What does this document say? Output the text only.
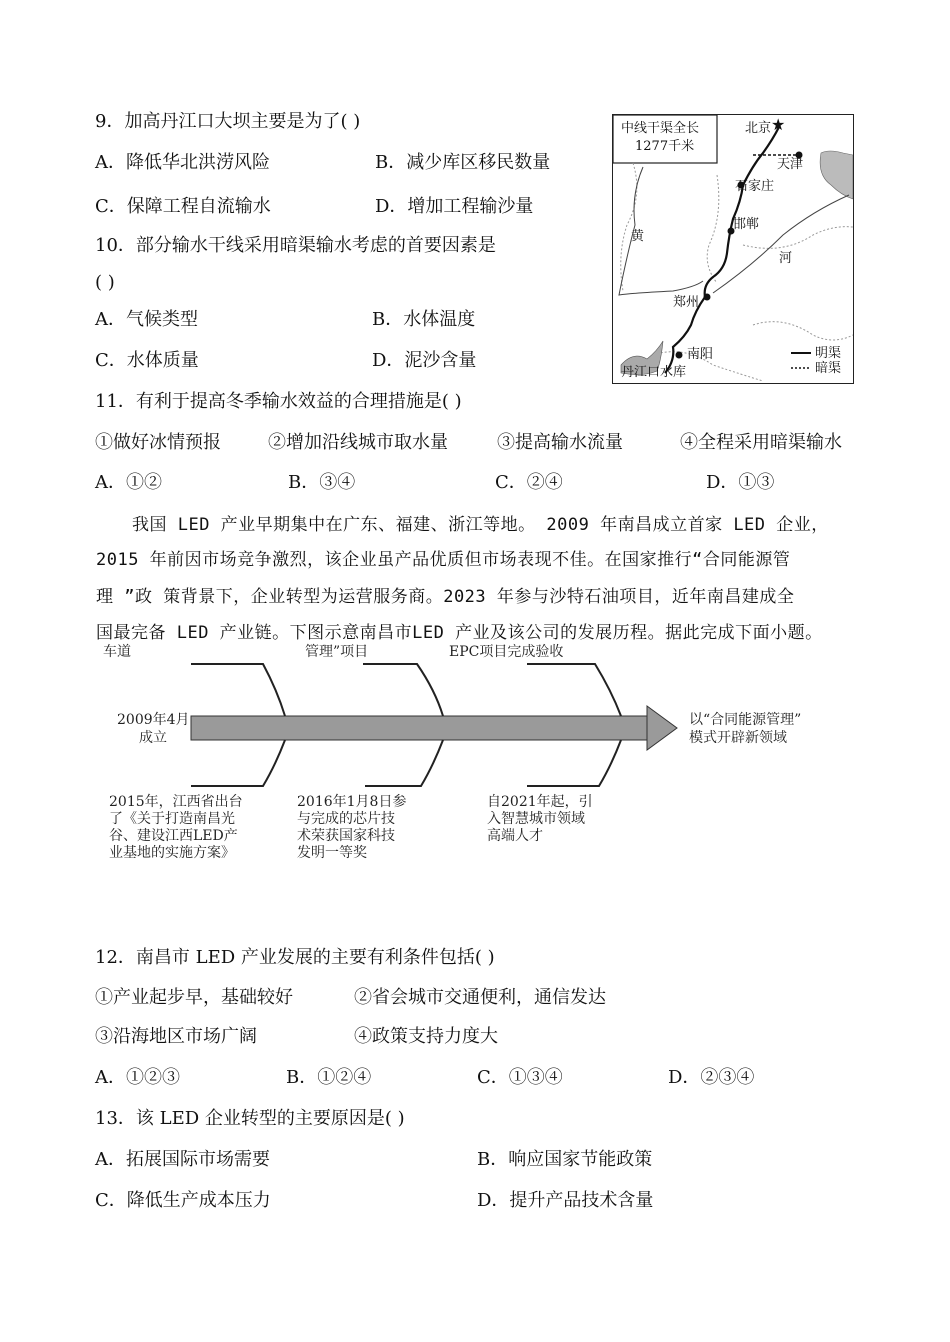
9．加高丹江口大坝主要是为了( )
A．降低华北洪涝风险	B．减少库区移民数量
C．保障工程自流输水	D．增加工程输沙量
10．部分输水干线采用暗渠输水考虑的首要因素是
( )
A．气候类型	B．水体温度
C．水体质量	D．泥沙含量
中线干渠全长
1277千米
北京 ★
天津
石家庄
邯郸
黄
河
郑州
南阳
丹江口水库
明渠
暗渠
11．有利于提高冬季输水效益的合理措施是( )
①做好冰情预报	②增加沿线城市取水量	③提高输水流量	④全程采用暗渠输水
A．①②	B．③④	C．②④	D．①③
我国 LED 产业早期集中在广东、福建、浙江等地。 2009 年南昌成立首家 LED 企业，
2015 年前因市场竞争激烈，该企业虽产品优质但市场表现不佳。在国家推行“合同能源管
理 ”政 策背景下，企业转型为运营服务商。2023 年参与沙特石油项目，近年南昌建成全
国最完备 LED 产业链。下图示意南昌市LED 产业及该公司的发展历程。据此完成下面小题。
车道	管理”项目	EPC项目完成验收
2009年4月
成立
以“合同能源管理”
模式开辟新领域
2015年，江西省出台
了《关于打造南昌光
谷、建设江西LED产
业基地的实施方案》
2016年1月8日参
与完成的芯片技
术荣获国家科技
发明一等奖
自2021年起，引
入智慧城市领域
高端人才
12．南昌市 LED 产业发展的主要有利条件包括( )
①产业起步早，基础较好	②省会城市交通便利，通信发达
③沿海地区市场广阔	④政策支持力度大
A．①②③	B．①②④	C．①③④	D．②③④
13．该 LED 企业转型的主要原因是( )
A．拓展国际市场需要	B．响应国家节能政策
C．降低生产成本压力	D．提升产品技术含量
